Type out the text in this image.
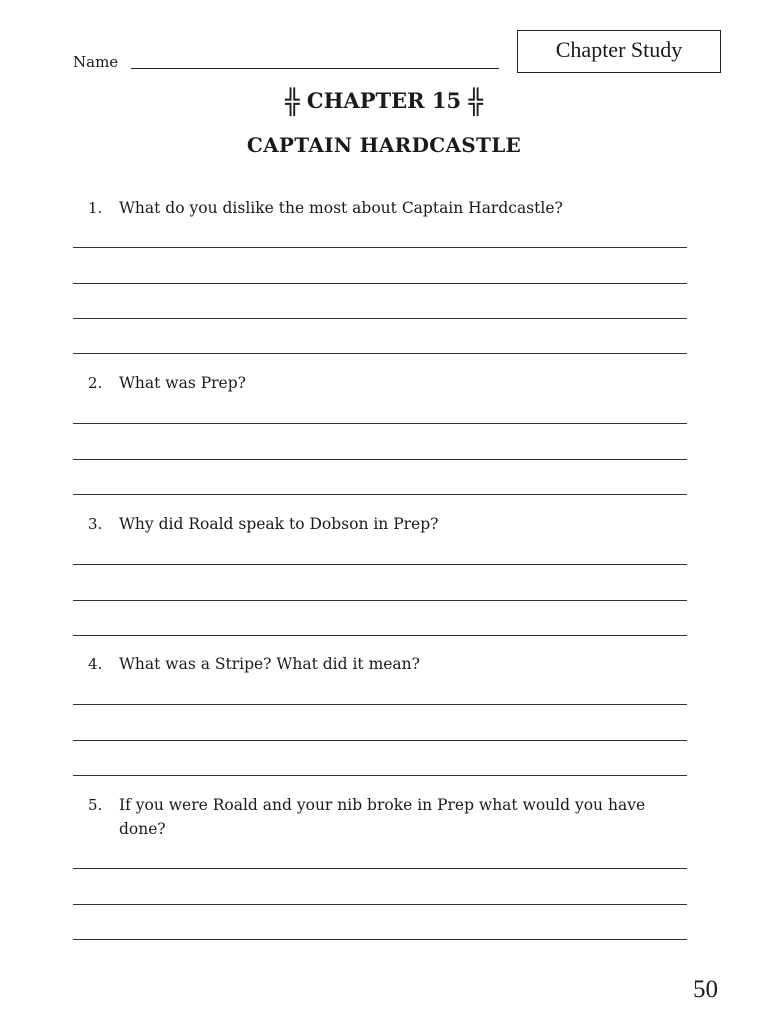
Name	Chapter Study
╬ CHAPTER 15 ╬
CAPTAIN HARDCASTLE
1. What do you dislike the most about Captain Hardcastle?
2. What was Prep?
3. Why did Roald speak to Dobson in Prep?
4. What was a Stripe? What did it mean?
5. If you were Roald and your nib broke in Prep what would you have done?
50
